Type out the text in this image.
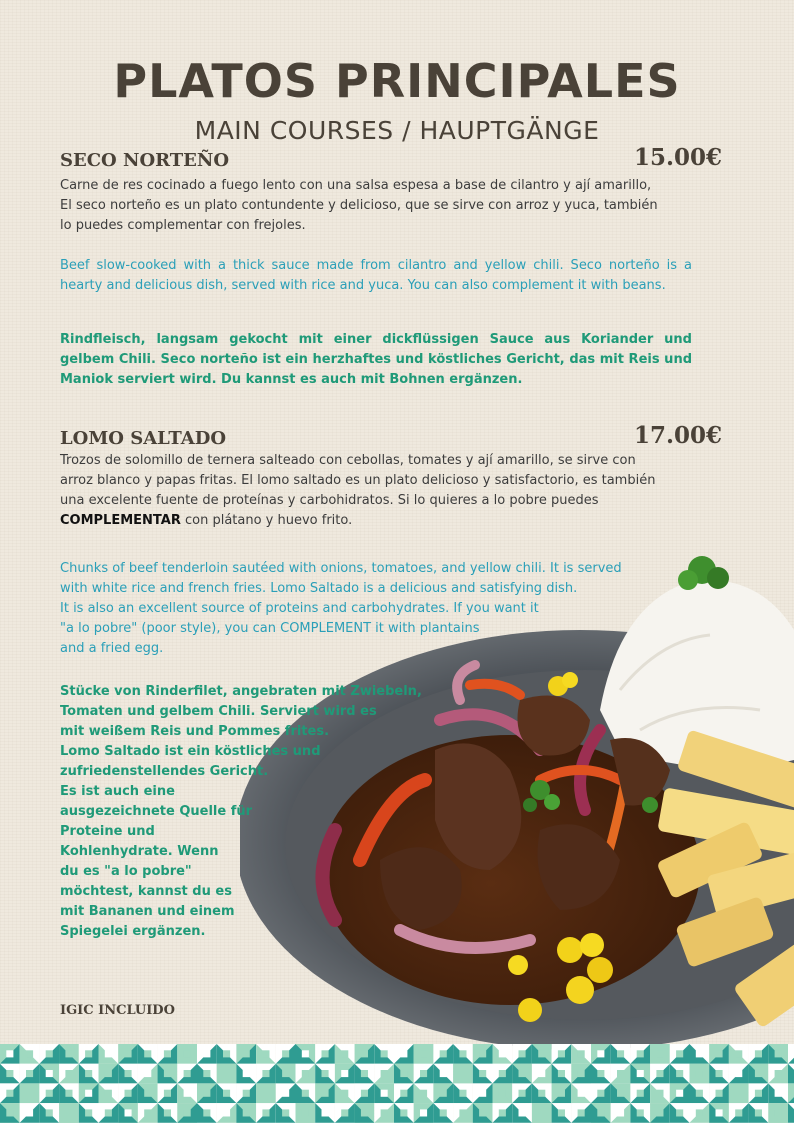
PLATOS PRINCIPALES
MAIN COURSES / HAUPTGÄNGE
SECO NORTEÑO	15.00€

Carne de res cocinado a fuego lento con una salsa espesa a base de cilantro y ají amarillo,
El seco norteño es un plato contundente y delicioso, que se sirve con arroz y yuca, también
lo puedes complementar con frejoles.

Beef slow-cooked with a thick sauce made from cilantro and yellow chili. Seco norteño is a hearty and delicious dish, served with rice and yuca. You can also complement it with beans.

Rindfleisch, langsam gekocht mit einer dickflüssigen Sauce aus Koriander und gelbem Chili. Seco norteño ist ein herzhaftes und köstliches Gericht, das mit Reis und Maniok serviert wird. Du kannst es auch mit Bohnen ergänzen.

LOMO SALTADO	17.00€

Trozos de solomillo de ternera salteado con cebollas, tomates y ají amarillo, se sirve con
arroz blanco y papas fritas. El lomo saltado es un plato delicioso y satisfactorio, es también
una excelente fuente de proteínas y carbohidratos. Si lo quieres a lo pobre puedes
COMPLEMENTAR con plátano y huevo frito.

Chunks of beef tenderloin sautéed with onions, tomatoes, and yellow chili. It is served
with white rice and french fries. Lomo Saltado is a delicious and satisfying dish.
It is also an excellent source of proteins and carbohydrates. If you want it
"a lo pobre" (poor style), you can COMPLEMENT it with plantains
and a fried egg.

Stücke von Rinderfilet, angebraten mit Zwiebeln,
Tomaten und gelbem Chili. Serviert wird es
mit weißem Reis und Pommes frites.
Lomo Saltado ist ein köstliches und
zufriedenstellendes Gericht.
Es ist auch eine
ausgezeichnete Quelle für
Proteine und
Kohlenhydrate. Wenn
du es "a lo pobre"
möchtest, kannst du es
mit Bananen und einem
Spiegelei ergänzen.

IGIC INCLUIDO
